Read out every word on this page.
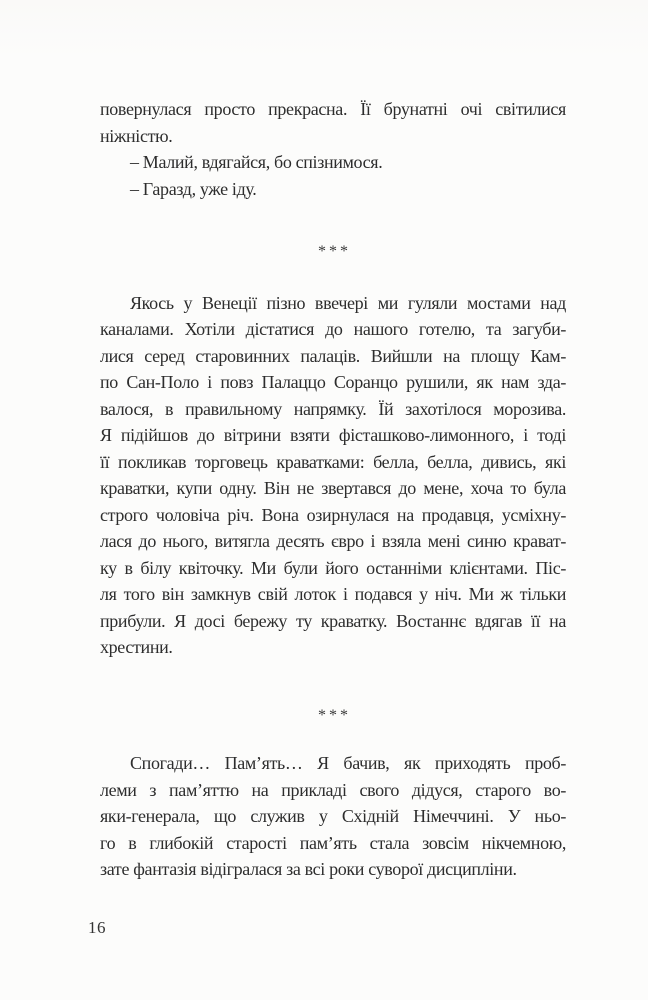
повернулася просто прекрасна. Її брунатні очі світилися
ніжністю.
– Малий, вдягайся, бо спізнимося.
– Гаразд, уже іду.
***
Якось у Венеції пізно ввечері ми гуляли мостами над
каналами. Хотіли дістатися до нашого готелю, та загуби-
лися серед старовинних палаців. Вийшли на площу Кам-
по Сан-Поло і повз Палаццо Соранцо рушили, як нам зда-
валося, в правильному напрямку. Їй захотілося морозива.
Я підійшов до вітрини взяти фісташково-лимонного, і тоді
її покликав торговець краватками: белла, белла, дивись, які
краватки, купи одну. Він не звертався до мене, хоча то була
строго чоловіча річ. Вона озирнулася на продавця, усміхну-
лася до нього, витягла десять євро і взяла мені синю крават-
ку в білу квіточку. Ми були його останніми клієнтами. Піс-
ля того він замкнув свій лоток і подався у ніч. Ми ж тільки
прибули. Я досі бережу ту краватку. Востаннє вдягав її на
хрестини.
***
Спогади… Пам’ять… Я бачив, як приходять проб-
леми з пам’яттю на прикладі свого дідуся, старого во-
яки-генерала, що служив у Східній Німеччині. У ньо-
го в глибокій старості пам’ять стала зовсім нікчемною,
зате фантазія відігралася за всі роки суворої дисципліни.
16
